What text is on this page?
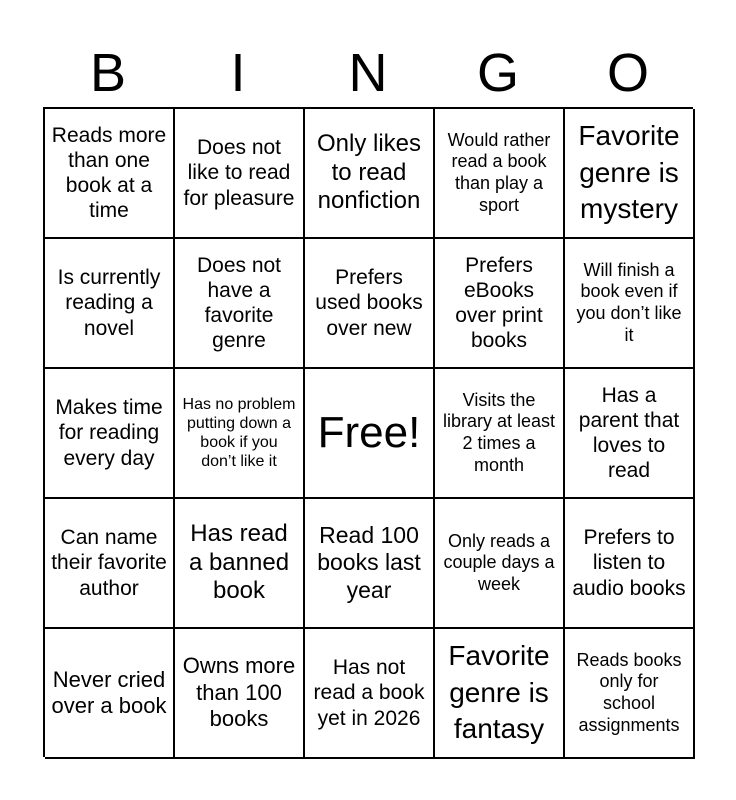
B	I	N	G	O
Reads more than one book at a time
Does not like to read for pleasure
Only likes to read nonfiction
Would rather read a book than play a sport
Favorite genre is mystery
Is currently reading a novel
Does not have a favorite genre
Prefers used books over new
Prefers eBooks over print books
Will finish a book even if you don’t like it
Makes time for reading every day
Has no problem putting down a book if you don’t like it
Free!
Visits the library at least 2 times a month
Has a parent that loves to read
Can name their favorite author
Has read a banned book
Read 100 books last year
Only reads a couple days a week
Prefers to listen to audio books
Never cried over a book
Owns more than 100 books
Has not read a book yet in 2026
Favorite genre is fantasy
Reads books only for school assignments
